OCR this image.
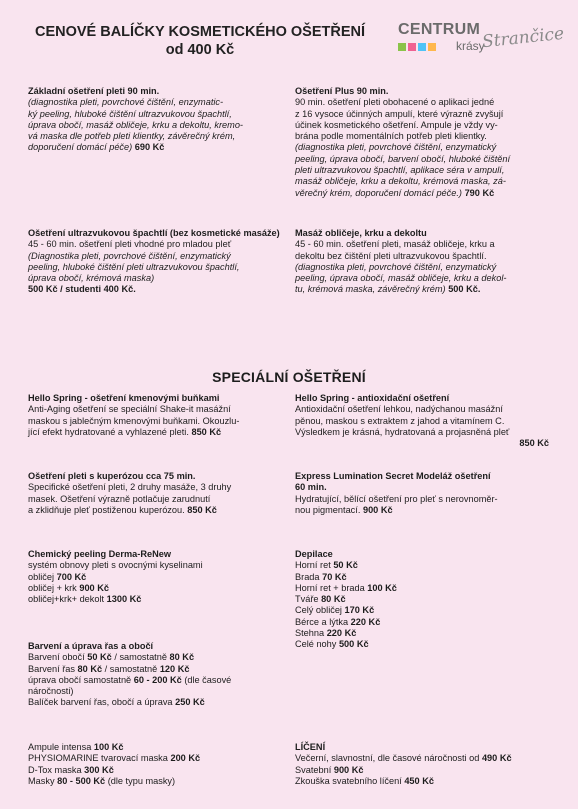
CENOVÉ BALÍČKY KOSMETICKÉHO OŠETŘENÍ
od 400 Kč
CENTRUM
krásy
Strančice
Základní ošetření pleti 90 min.
(diagnostika pleti, povrchové čištění, enzymatic-
ký peeling, hluboké čištění ultrazvukovou špachtlí,
úprava obočí, masáž obličeje, krku a dekoltu, kremo-
vá maska dle potřeb pleti klientky, závěrečný krém,
doporučení domácí péče) 690 Kč
Ošetření Plus 90 min.
90 min. ošetření pleti obohacené o aplikaci jedné
z 16 vysoce účinných ampulí, které výrazně zvyšují
účinek kosmetického ošetření. Ampule je vždy vy-
brána podle momentálních potřeb pleti klientky.
(diagnostika pleti, povrchové čištění, enzymatický
peeling, úprava obočí, barvení obočí, hluboké čištění
pleti ultrazvukovou špachtlí, aplikace séra v ampulí,
masáž obličeje, krku a dekoltu, krémová maska, zá-
věrečný krém, doporučení domácí péče.) 790 Kč
Ošetření ultrazvukovou špachtlí (bez kosmetické masáže)
45 - 60 min. ošetření pleti vhodné pro mladou pleť
(Diagnostika pleti, povrchové čištění, enzymatický
peeling, hluboké čištění pleti ultrazvukovou špachtlí,
úprava obočí, krémová maska)
500 Kč / studenti 400 Kč.
Masáž obličeje, krku a dekoltu
45 - 60 min. ošetření pleti, masáž obličeje, krku a
dekoltu bez čištění pleti ultrazvukovou špachtlí.
(diagnostika pleti, povrchové čištění, enzymatický
peeling, úprava obočí, masáž obličeje, krku a dekol-
tu, krémová maska, závěrečný krém) 500 Kč.
SPECIÁLNÍ OŠETŘENÍ
Hello Spring - ošetření kmenovými buňkami
Anti-Aging ošetření se speciální Shake-it masážní
maskou s jablečným kmenovými buňkami. Okouzlu-
jící efekt hydratované a vyhlazené pleti. 850 Kč
Hello Spring - antioxidační ošetření
Antioxidační ošetření lehkou, nadýchanou masážní
pěnou, maskou s extraktem z jahod a vitamínem C.
Výsledkem je krásná, hydratovaná a projasněná pleť
850 Kč
Ošetření pleti s kuperózou cca 75 min.
Specifické ošetření pleti, 2 druhy masáže, 3 druhy
masek. Ošetření výrazně potlačuje zarudnutí
a zklidňuje pleť postiženou kuperózou. 850 Kč
Express Lumination Secret Modeláž ošetření
60 min.
Hydratující, bělící ošetření pro pleť s nerovnoměr-
nou pigmentací. 900 Kč
Chemický peeling Derma-ReNew
systém obnovy pleti s ovocnými kyselinami
obličej 700 Kč
obličej + krk 900 Kč
obličej+krk+ dekolt 1300 Kč
Depilace
Horní ret 50 Kč
Brada 70 Kč
Horní ret + brada 100 Kč
Tváře 80 Kč
Celý obličej 170 Kč
Bérce a lýtka 220 Kč
Stehna 220 Kč
Celé nohy 500 Kč
Barvení a úprava řas a obočí
Barvení obočí 50 Kč / samostatně 80 Kč
Barvení řas 80 Kč / samostatně 120 Kč
úprava obočí samostatně 60 - 200 Kč (dle časové
náročnosti)
Balíček barvení řas, obočí a úprava 250 Kč
Ampule intensa 100 Kč
PHYSIOMARINE tvarovací maska 200 Kč
D-Tox maska 300 Kč
Masky 80 - 500 Kč (dle typu masky)
LÍČENÍ
Večerní, slavnostní, dle časové náročnosti od 490 Kč
Svatební 900 Kč
Zkouška svatebního líčení 450 Kč
